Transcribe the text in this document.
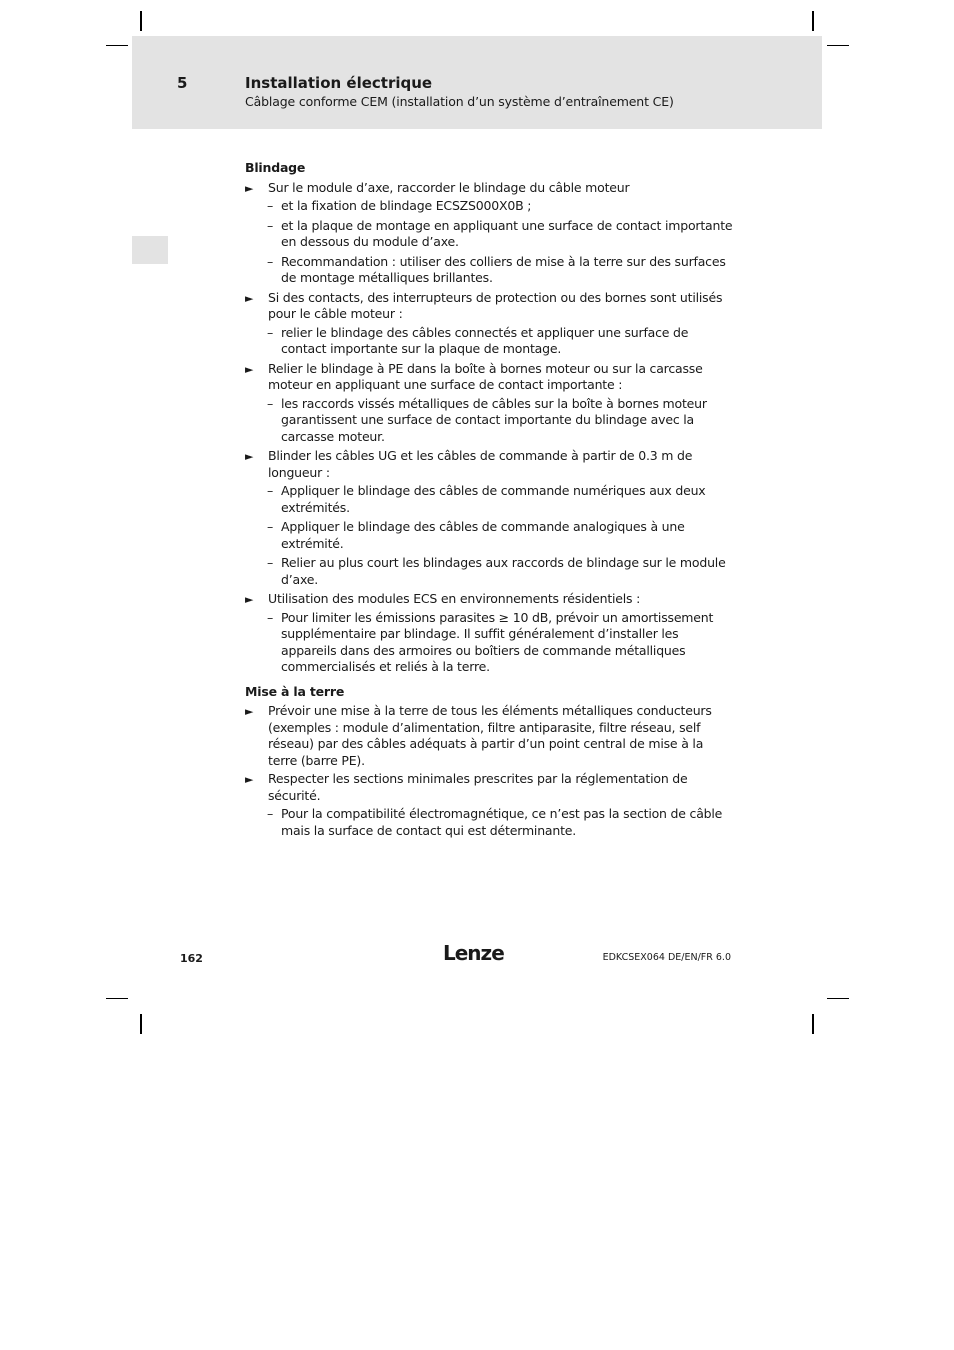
5	Installation électrique
Câblage conforme CEM (installation d’un système d’entraînement CE)
Blindage
► Sur le module d’axe, raccorder le blindage du câble moteur
– et la fixation de blindage ECSZS000X0B ;
– et la plaque de montage en appliquant une surface de contact importante en dessous du module d’axe.
– Recommandation : utiliser des colliers de mise à la terre sur des surfaces de montage métalliques brillantes.
► Si des contacts, des interrupteurs de protection ou des bornes sont utilisés pour le câble moteur :
– relier le blindage des câbles connectés et appliquer une surface de contact importante sur la plaque de montage.
► Relier le blindage à PE dans la boîte à bornes moteur ou sur la carcasse moteur en appliquant une surface de contact importante :
– les raccords vissés métalliques de câbles sur la boîte à bornes moteur garantissent une surface de contact importante du blindage avec la carcasse moteur.
► Blinder les câbles UG et les câbles de commande à partir de 0.3 m de longueur :
– Appliquer le blindage des câbles de commande numériques aux deux extrémités.
– Appliquer le blindage des câbles de commande analogiques à une extrémité.
– Relier au plus court les blindages aux raccords de blindage sur le module d’axe.
► Utilisation des modules ECS en environnements résidentiels :
– Pour limiter les émissions parasites ≥ 10 dB, prévoir un amortissement supplémentaire par blindage. Il suffit généralement d’installer les appareils dans des armoires ou boîtiers de commande métalliques commercialisés et reliés à la terre.
Mise à la terre
► Prévoir une mise à la terre de tous les éléments métalliques conducteurs (exemples : module d’alimentation, filtre antiparasite, filtre réseau, self réseau) par des câbles adéquats à partir d’un point central de mise à la terre (barre PE).
► Respecter les sections minimales prescrites par la réglementation de sécurité.
– Pour la compatibilité électromagnétique, ce n’est pas la section de câble mais la surface de contact qui est déterminante.
162	Lenze	EDKCSEX064 DE/EN/FR 6.0
